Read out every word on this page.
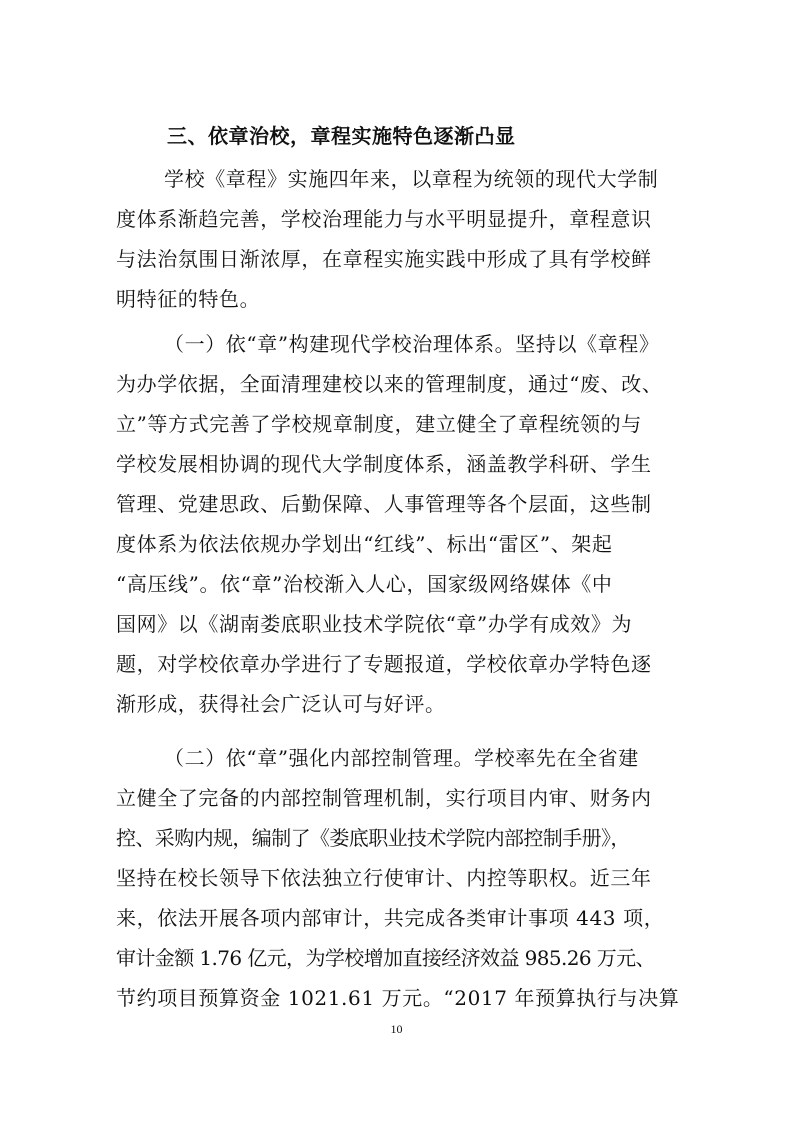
三、依章治校，章程实施特色逐渐凸显
学校《章程》实施四年来，以章程为统领的现代大学制
度体系渐趋完善，学校治理能力与水平明显提升，章程意识
与法治氛围日渐浓厚，在章程实施实践中形成了具有学校鲜
明特征的特色。
（一）依“章”构建现代学校治理体系。坚持以《章程》
为办学依据，全面清理建校以来的管理制度，通过“废、改、
立”等方式完善了学校规章制度，建立健全了章程统领的与
学校发展相协调的现代大学制度体系，涵盖教学科研、学生
管理、党建思政、后勤保障、人事管理等各个层面，这些制
度体系为依法依规办学划出“红线”、标出“雷区”、架起
“高压线”。依“章”治校渐入人心，国家级网络媒体《中
国网》以《湖南娄底职业技术学院依“章”办学有成效》为
题，对学校依章办学进行了专题报道，学校依章办学特色逐
渐形成，获得社会广泛认可与好评。
（二）依“章”强化内部控制管理。学校率先在全省建
立健全了完备的内部控制管理机制，实行项目内审、财务内
控、采购内规，编制了《娄底职业技术学院内部控制手册》，
坚持在校长领导下依法独立行使审计、内控等职权。近三年
来，依法开展各项内部审计，共完成各类审计事项 443 项，
审计金额 1.76 亿元，为学校增加直接经济效益 985.26 万元、
节约项目预算资金 1021.61 万元。“2017 年预算执行与决算
10
